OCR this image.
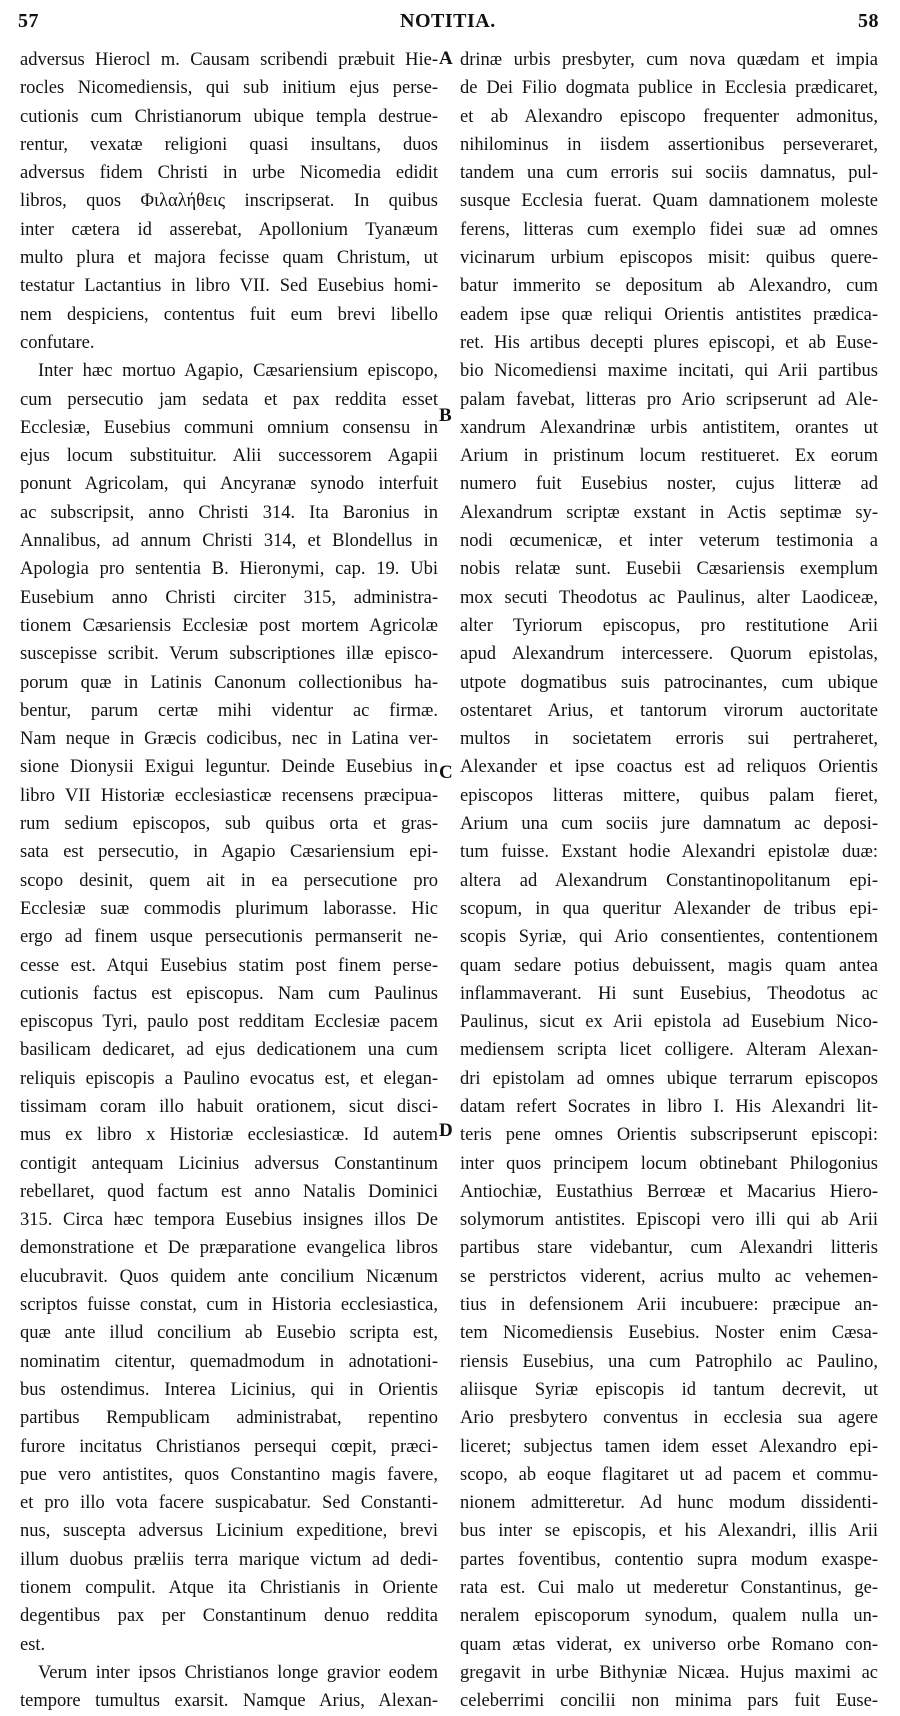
57	NOTITIA.	58
A
B
C
D
adversus Hierocl m. Causam scribendi præbuit Hie-
rocles Nicomediensis, qui sub initium ejus perse-
cutionis cum Christianorum ubique templa destrue-
rentur, vexatæ religioni quasi insultans, duos
adversus fidem Christi in urbe Nicomedia edidit
libros, quos Φιλαλήθεις inscripserat. In quibus
inter cætera id asserebat, Apollonium Tyanæum
multo plura et majora fecisse quam Christum, ut
testatur Lactantius in libro VII. Sed Eusebius homi-
nem despiciens, contentus fuit eum brevi libello
confutare.
Inter hæc mortuo Agapio, Cæsariensium episcopo,
cum persecutio jam sedata et pax reddita esset
Ecclesiæ, Eusebius communi omnium consensu in
ejus locum substituitur. Alii successorem Agapii
ponunt Agricolam, qui Ancyranæ synodo interfuit
ac subscripsit, anno Christi 314. Ita Baronius in
Annalibus, ad annum Christi 314, et Blondellus in
Apologia pro sententia B. Hieronymi, cap. 19. Ubi
Eusebium anno Christi circiter 315, administra-
tionem Cæsariensis Ecclesiæ post mortem Agricolæ
suscepisse scribit. Verum subscriptiones illæ episco-
porum quæ in Latinis Canonum collectionibus ha-
bentur, parum certæ mihi videntur ac firmæ.
Nam neque in Græcis codicibus, nec in Latina ver-
sione Dionysii Exigui leguntur. Deinde Eusebius in
libro VII Historiæ ecclesiasticæ recensens præcipua-
rum sedium episcopos, sub quibus orta et gras-
sata est persecutio, in Agapio Cæsariensium epi-
scopo desinit, quem ait in ea persecutione pro
Ecclesiæ suæ commodis plurimum laborasse. Hic
ergo ad finem usque persecutionis permanserit ne-
cesse est. Atqui Eusebius statim post finem perse-
cutionis factus est episcopus. Nam cum Paulinus
episcopus Tyri, paulo post redditam Ecclesiæ pacem
basilicam dedicaret, ad ejus dedicationem una cum
reliquis episcopis a Paulino evocatus est, et elegan-
tissimam coram illo habuit orationem, sicut disci-
mus ex libro x Historiæ ecclesiasticæ. Id autem
contigit antequam Licinius adversus Constantinum
rebellaret, quod factum est anno Natalis Dominici
315. Circa hæc tempora Eusebius insignes illos De
demonstratione et De præparatione evangelica libros
elucubravit. Quos quidem ante concilium Nicænum
scriptos fuisse constat, cum in Historia ecclesiastica,
quæ ante illud concilium ab Eusebio scripta est,
nominatim citentur, quemadmodum in adnotationi-
bus ostendimus. Interea Licinius, qui in Orientis
partibus Rempublicam administrabat, repentino
furore incitatus Christianos persequi cœpit, præci-
pue vero antistites, quos Constantino magis favere,
et pro illo vota facere suspicabatur. Sed Constanti-
nus, suscepta adversus Licinium expeditione, brevi
illum duobus præliis terra marique victum ad dedi-
tionem compulit. Atque ita Christianis in Oriente
degentibus pax per Constantinum denuo reddita
est.
Verum inter ipsos Christianos longe gravior eodem
tempore tumultus exarsit. Namque Arius, Alexan-
drinæ urbis presbyter, cum nova quædam et impia
de Dei Filio dogmata publice in Ecclesia prædicaret,
et ab Alexandro episcopo frequenter admonitus,
nihilominus in iisdem assertionibus perseveraret,
tandem una cum erroris sui sociis damnatus, pul-
susque Ecclesia fuerat. Quam damnationem moleste
ferens, litteras cum exemplo fidei suæ ad omnes
vicinarum urbium episcopos misit: quibus quere-
batur immerito se depositum ab Alexandro, cum
eadem ipse quæ reliqui Orientis antistites prædica-
ret. His artibus decepti plures episcopi, et ab Euse-
bio Nicomediensi maxime incitati, qui Arii partibus
palam favebat, litteras pro Ario scripserunt ad Ale-
xandrum Alexandrinæ urbis antistitem, orantes ut
Arium in pristinum locum restitueret. Ex eorum
numero fuit Eusebius noster, cujus litteræ ad
Alexandrum scriptæ exstant in Actis septimæ sy-
nodi œcumenicæ, et inter veterum testimonia a
nobis relatæ sunt. Eusebii Cæsariensis exemplum
mox secuti Theodotus ac Paulinus, alter Laodiceæ,
alter Tyriorum episcopus, pro restitutione Arii
apud Alexandrum intercessere. Quorum epistolas,
utpote dogmatibus suis patrocinantes, cum ubique
ostentaret Arius, et tantorum virorum auctoritate
multos in societatem erroris sui pertraheret,
Alexander et ipse coactus est ad reliquos Orientis
episcopos litteras mittere, quibus palam fieret,
Arium una cum sociis jure damnatum ac deposi-
tum fuisse. Exstant hodie Alexandri epistolæ duæ:
altera ad Alexandrum Constantinopolitanum epi-
scopum, in qua queritur Alexander de tribus epi-
scopis Syriæ, qui Ario consentientes, contentionem
quam sedare potius debuissent, magis quam antea
inflammaverant. Hi sunt Eusebius, Theodotus ac
Paulinus, sicut ex Arii epistola ad Eusebium Nico-
mediensem scripta licet colligere. Alteram Alexan-
dri epistolam ad omnes ubique terrarum episcopos
datam refert Socrates in libro I. His Alexandri lit-
teris pene omnes Orientis subscripserunt episcopi:
inter quos principem locum obtinebant Philogonius
Antiochiæ, Eustathius Berrœæ et Macarius Hiero-
solymorum antistites. Episcopi vero illi qui ab Arii
partibus stare videbantur, cum Alexandri litteris
se perstrictos viderent, acrius multo ac vehemen-
tius in defensionem Arii incubuere: præcipue an-
tem Nicomediensis Eusebius. Noster enim Cæsa-
riensis Eusebius, una cum Patrophilo ac Paulino,
aliisque Syriæ episcopis id tantum decrevit, ut
Ario presbytero conventus in ecclesia sua agere
liceret; subjectus tamen idem esset Alexandro epi-
scopo, ab eoque flagitaret ut ad pacem et commu-
nionem admitteretur. Ad hunc modum dissidenti-
bus inter se episcopis, et his Alexandri, illis Arii
partes foventibus, contentio supra modum exaspe-
rata est. Cui malo ut mederetur Constantinus, ge-
neralem episcoporum synodum, qualem nulla un-
quam ætas viderat, ex universo orbe Romano con-
gregavit in urbe Bithyniæ Nicæa. Hujus maximi ac
celeberrimi concilii non minima pars fuit Euse-
